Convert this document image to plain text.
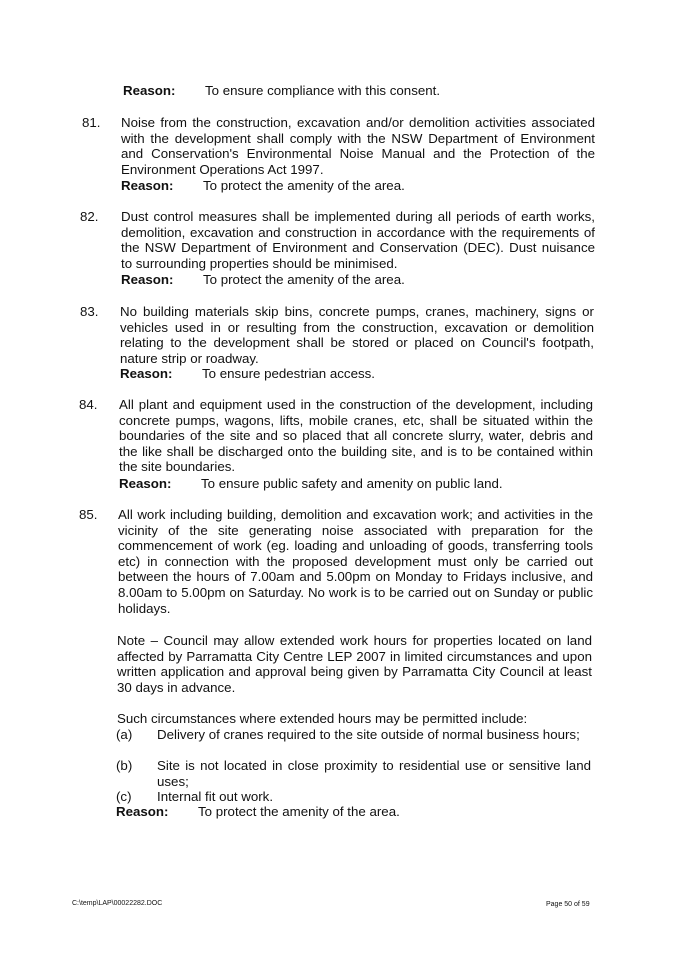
Reason: To ensure compliance with this consent.
81. Noise from the construction, excavation and/or demolition activities associated with the development shall comply with the NSW Department of Environment and Conservation's Environmental Noise Manual and the Protection of the Environment Operations Act 1997.
Reason: To protect the amenity of the area.
82. Dust control measures shall be implemented during all periods of earth works, demolition, excavation and construction in accordance with the requirements of the NSW Department of Environment and Conservation (DEC). Dust nuisance to surrounding properties should be minimised.
Reason: To protect the amenity of the area.
83. No building materials skip bins, concrete pumps, cranes, machinery, signs or vehicles used in or resulting from the construction, excavation or demolition relating to the development shall be stored or placed on Council's footpath, nature strip or roadway.
Reason: To ensure pedestrian access.
84. All plant and equipment used in the construction of the development, including concrete pumps, wagons, lifts, mobile cranes, etc, shall be situated within the boundaries of the site and so placed that all concrete slurry, water, debris and the like shall be discharged onto the building site, and is to be contained within the site boundaries.
Reason: To ensure public safety and amenity on public land.
85. All work including building, demolition and excavation work; and activities in the vicinity of the site generating noise associated with preparation for the commencement of work (eg. loading and unloading of goods, transferring tools etc) in connection with the proposed development must only be carried out between the hours of 7.00am and 5.00pm on Monday to Fridays inclusive, and 8.00am to 5.00pm on Saturday. No work is to be carried out on Sunday or public holidays.
Note – Council may allow extended work hours for properties located on land affected by Parramatta City Centre LEP 2007 in limited circumstances and upon written application and approval being given by Parramatta City Council at least 30 days in advance.
Such circumstances where extended hours may be permitted include:
(a) Delivery of cranes required to the site outside of normal business hours;
(b) Site is not located in close proximity to residential use or sensitive land uses;
(c) Internal fit out work.
Reason: To protect the amenity of the area.
C:\temp\LAP\00022282.DOC	Page 50 of 59
